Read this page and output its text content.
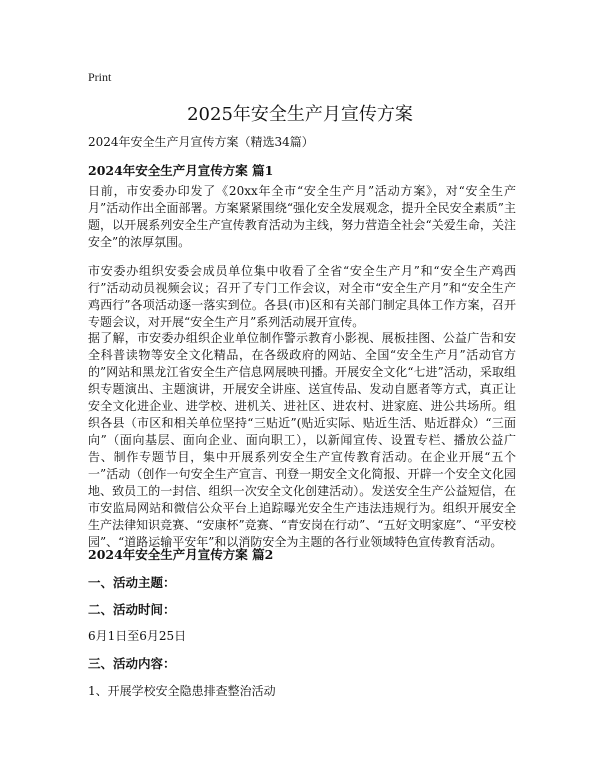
Print
2025年安全生产月宣传方案
2024年安全生产月宣传方案（精选34篇）
2024年安全生产月宣传方案 篇1
日前，市安委办印发了《20xx年全市“安全生产月”活动方案》，对“安全生产月”活动作出全面部署。方案紧紧围绕“强化安全发展观念，提升全民安全素质”主题，以开展系列安全生产宣传教育活动为主线，努力营造全社会“关爱生命，关注安全”的浓厚氛围。
市安委办组织安委会成员单位集中收看了全省“安全生产月”和“安全生产鸡西行”活动动员视频会议；召开了专门工作会议，对全市“安全生产月”和“安全生产鸡西行”各项活动逐一落实到位。各县(市)区和有关部门制定具体工作方案，召开专题会议，对开展“安全生产月”系列活动展开宣传。
据了解，市安委办组织企业单位制作警示教育小影视、展板挂图、公益广告和安全科普读物等安全文化精品，在各级政府的网站、全国“安全生产月”活动官方的”网站和黑龙江省安全生产信息网展映刊播。开展安全文化“七进”活动，采取组织专题演出、主题演讲，开展安全讲座、送宣传品、发动自愿者等方式，真正让安全文化进企业、进学校、进机关、进社区、进农村、进家庭、进公共场所。组织各县（市区和相关单位坚持“三贴近”(贴近实际、贴近生活、贴近群众）“三面向”（面向基层、面向企业、面向职工），以新闻宣传、设置专栏、播放公益广告、制作专题节目，集中开展系列安全生产宣传教育活动。在企业开展“五个一”活动（创作一句安全生产宣言、刊登一期安全文化简报、开辟一个安全文化园地、致员工的一封信、组织一次安全文化创建活动）。发送安全生产公益短信，在市安监局网站和微信公众平台上追踪曝光安全生产违法违规行为。组织开展安全生产法律知识竞赛、“安康杯”竞赛、“青安岗在行动”、“五好文明家庭”、“平安校园”、“道路运输平安年”和以消防安全为主题的各行业领域特色宣传教育活动。
2024年安全生产月宣传方案 篇2
一、活动主题：
二、活动时间：
6月1日至6月25日
三、活动内容：
1、开展学校安全隐患排查整治活动
